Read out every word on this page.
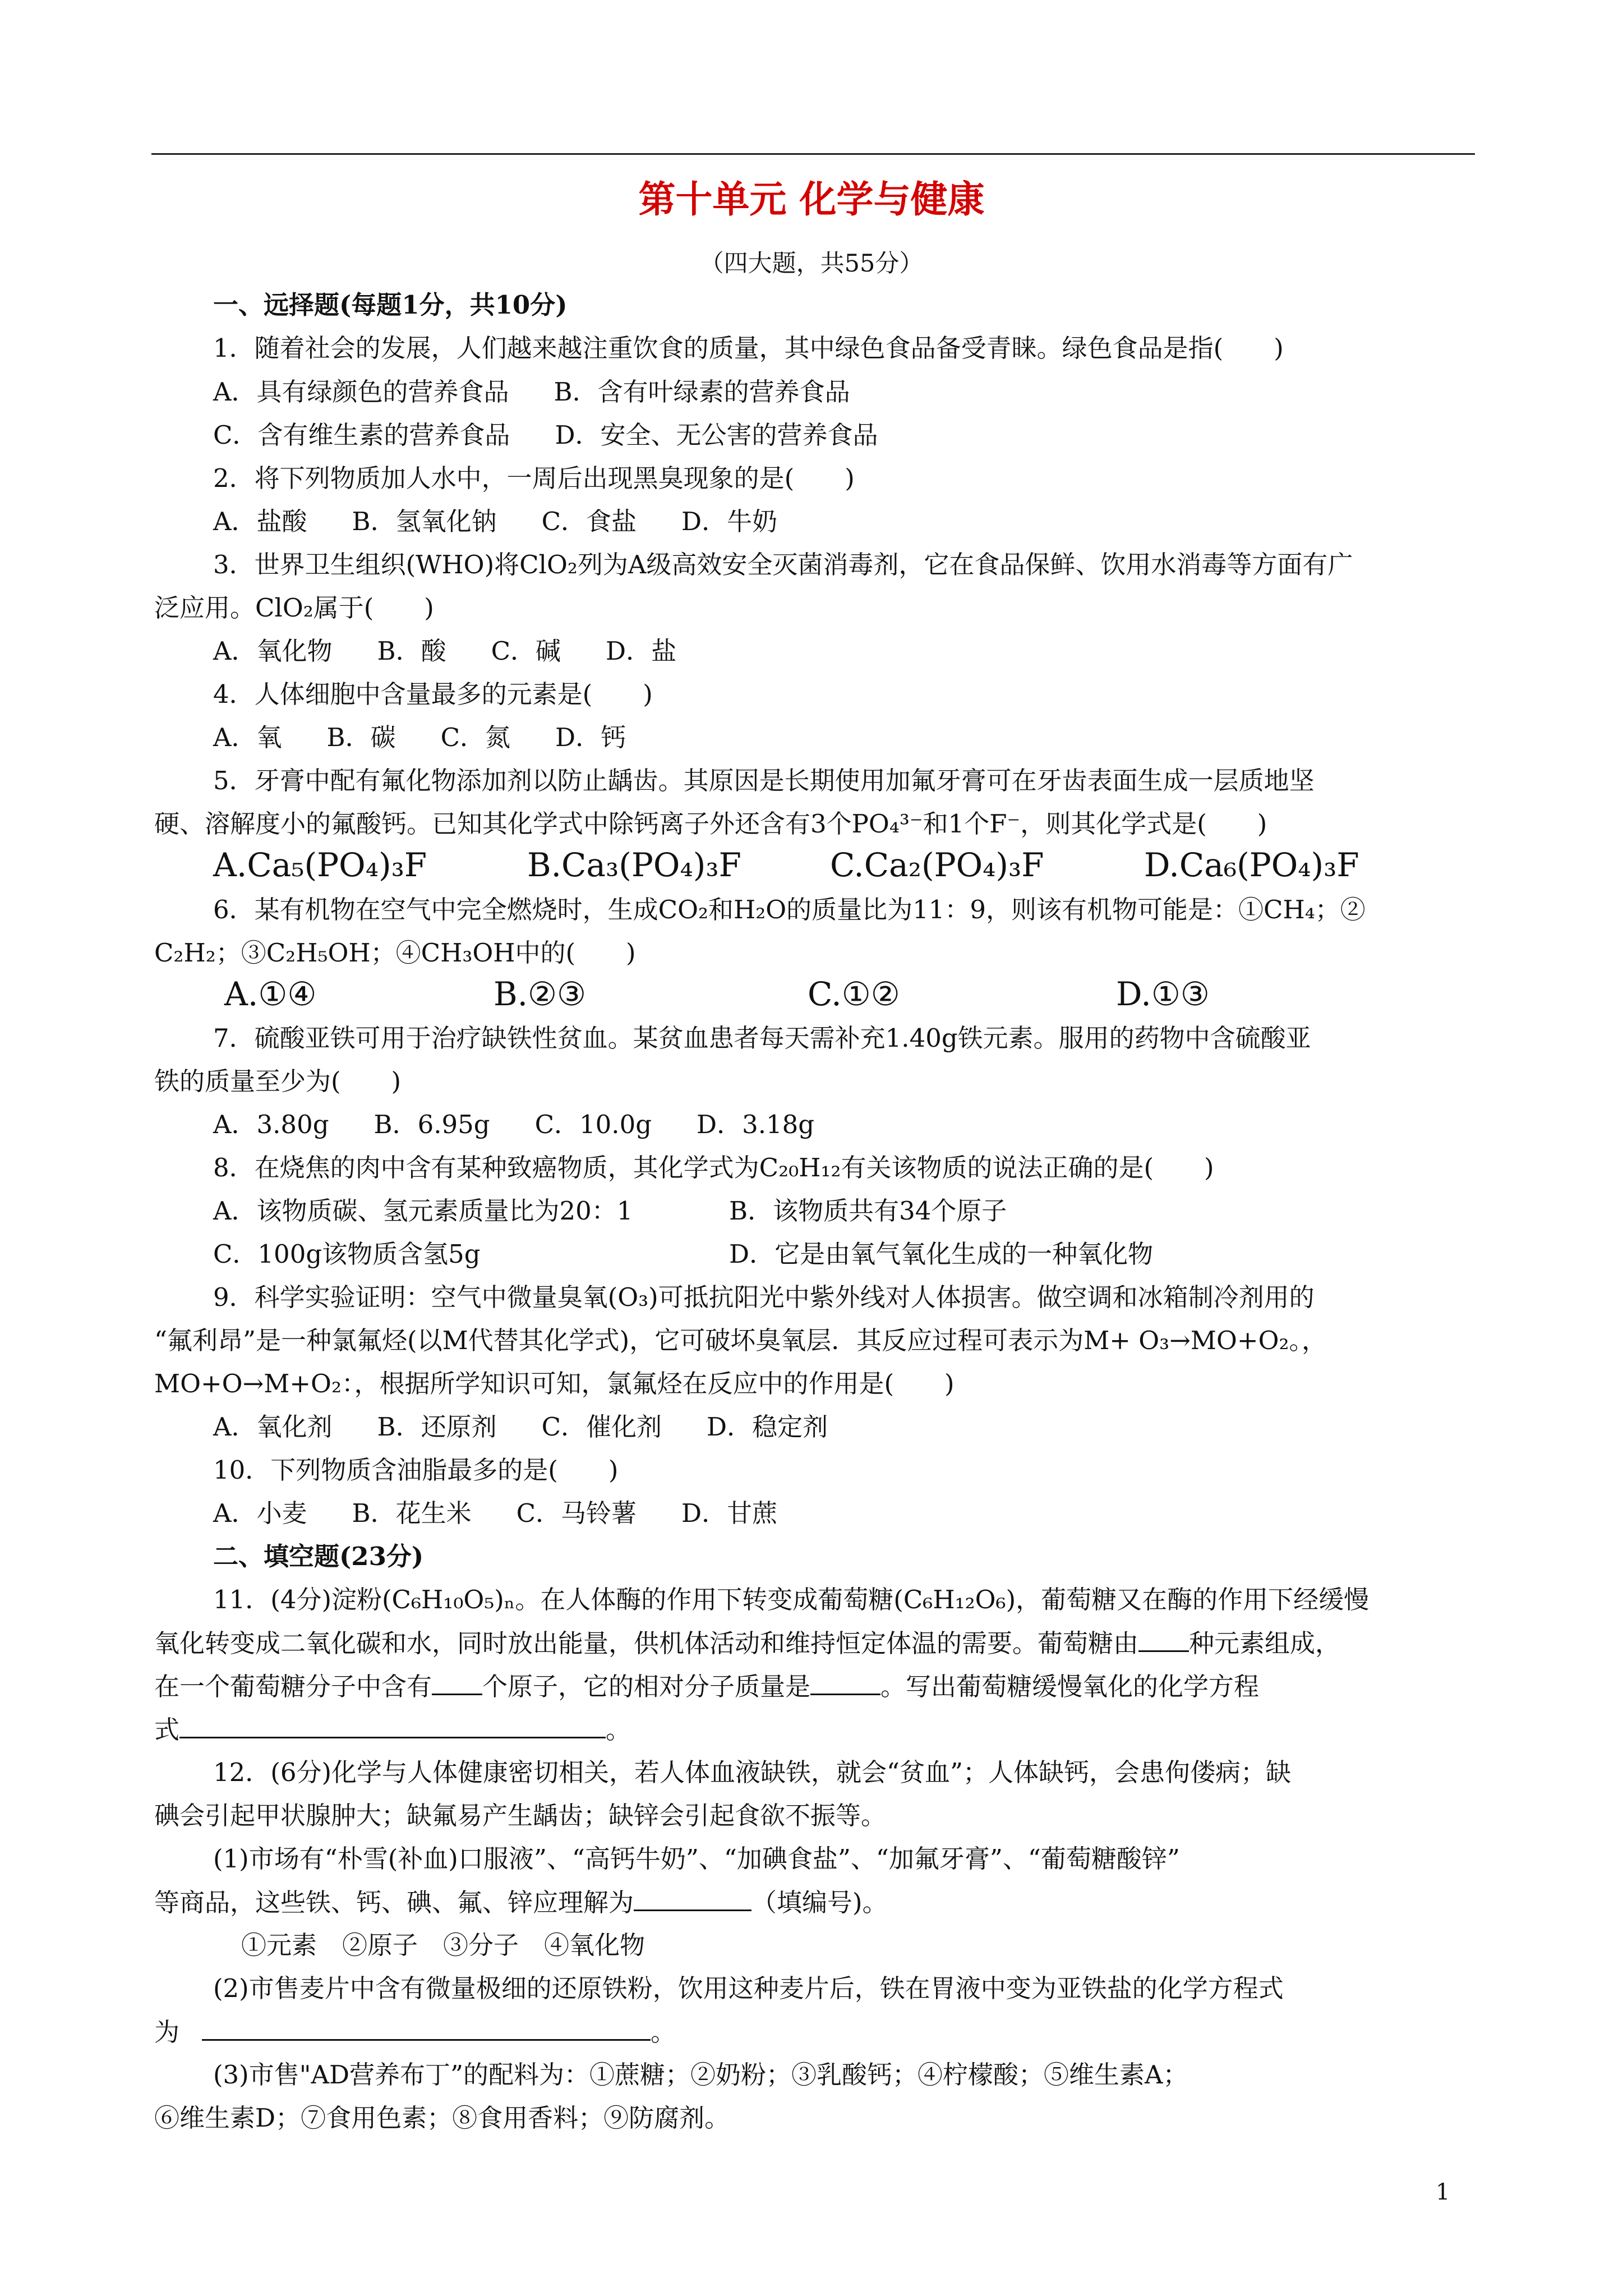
第十单元 化学与健康
（四大题，共55分）
一、远择题(每题1分，共10分)
1．随着社会的发展，人们越来越注重饮食的质量，其中绿色食品备受青睐。绿色食品是指(　　)
A．具有绿颜色的营养食品 B．含有叶绿素的营养食品
C．含有维生素的营养食品 D．安全、无公害的营养食品
2．将下列物质加人水中，一周后出现黑臭现象的是(　　)
A．盐酸 B．氢氧化钠 C．食盐 D．牛奶
3．世界卫生组织(WHO)将ClO₂列为A级高效安全灭菌消毒剂，它在食品保鲜、饮用水消毒等方面有广
泛应用。ClO₂属于(　　)
A．氧化物 B．酸 C．碱 D．盐
4．人体细胞中含量最多的元素是(　　)
A．氧 B．碳 C．氮 D．钙
5．牙膏中配有氟化物添加剂以防止龋齿。其原因是长期使用加氟牙膏可在牙齿表面生成一层质地坚
硬、溶解度小的氟酸钙。已知其化学式中除钙离子外还含有3个PO₄³⁻和1个F⁻，则其化学式是(　　)
A.Ca₅(PO₄)₃F	B.Ca₃(PO₄)₃F	C.Ca₂(PO₄)₃F	D.Ca₆(PO₄)₃F
6．某有机物在空气中完全燃烧时，生成CO₂和H₂O的质量比为11：9，则该有机物可能是：①CH₄；②
C₂H₂；③C₂H₅OH；④CH₃OH中的(　　)
A.①④	B.②③	C.①②	D.①③
7．硫酸亚铁可用于治疗缺铁性贫血。某贫血患者每天需补充1.40g铁元素。服用的药物中含硫酸亚
铁的质量至少为(　　)
A．3.80g B．6.95g C．10.0g D．3.18g
8．在烧焦的肉中含有某种致癌物质，其化学式为C₂₀H₁₂有关该物质的说法正确的是(　　)
A．该物质碳、氢元素质量比为20：1	B．该物质共有34个原子
C．100g该物质含氢5g	D．它是由氧气氧化生成的一种氧化物
9．科学实验证明：空气中微量臭氧(O₃)可抵抗阳光中紫外线对人体损害。做空调和冰箱制冷剂用的
“氟利昂”是一种氯氟烃(以M代替其化学式)，它可破坏臭氧层．其反应过程可表示为M+ O₃→MO+O₂。，
MO+O→M+O₂：，根据所学知识可知，氯氟烃在反应中的作用是(　　)
A．氧化剂 B．还原剂 C．催化剂 D．稳定剂
10．下列物质含油脂最多的是(　　)
A．小麦 B．花生米 C．马铃薯 D．甘蔗
二、填空题(23分)
11．(4分)淀粉(C₆H₁₀O₅)ₙ。在人体酶的作用下转变成葡萄糖(C₆H₁₂O₆)，葡萄糖又在酶的作用下经缓慢
氧化转变成二氧化碳和水，同时放出能量，供机体活动和维持恒定体温的需要。葡萄糖由 种元素组成，
在一个葡萄糖分子中含有 个原子，它的相对分子质量是	。写出葡萄糖缓慢氧化的化学方程
式	。
12．(6分)化学与人体健康密切相关，若人体血液缺铁，就会“贫血”；人体缺钙，会患佝偻病；缺
碘会引起甲状腺肿大；缺氟易产生龋齿；缺锌会引起食欲不振等。
(1)市场有“朴雪(补血)口服液”、“高钙牛奶”、“加碘食盐”、“加氟牙膏”、“葡萄糖酸锌”
等商品，这些铁、钙、碘、氟、锌应理解为	（填编号)。
①元素　②原子　③分子　④氧化物
(2)市售麦片中含有微量极细的还原铁粉，饮用这种麦片后，铁在胃液中变为亚铁盐的化学方程式
为	。
(3)市售"AD营养布丁”的配料为：①蔗糖；②奶粉；③乳酸钙；④柠檬酸；⑤维生素A；
⑥维生素D；⑦食用色素；⑧食用香料；⑨防腐剂。
1
